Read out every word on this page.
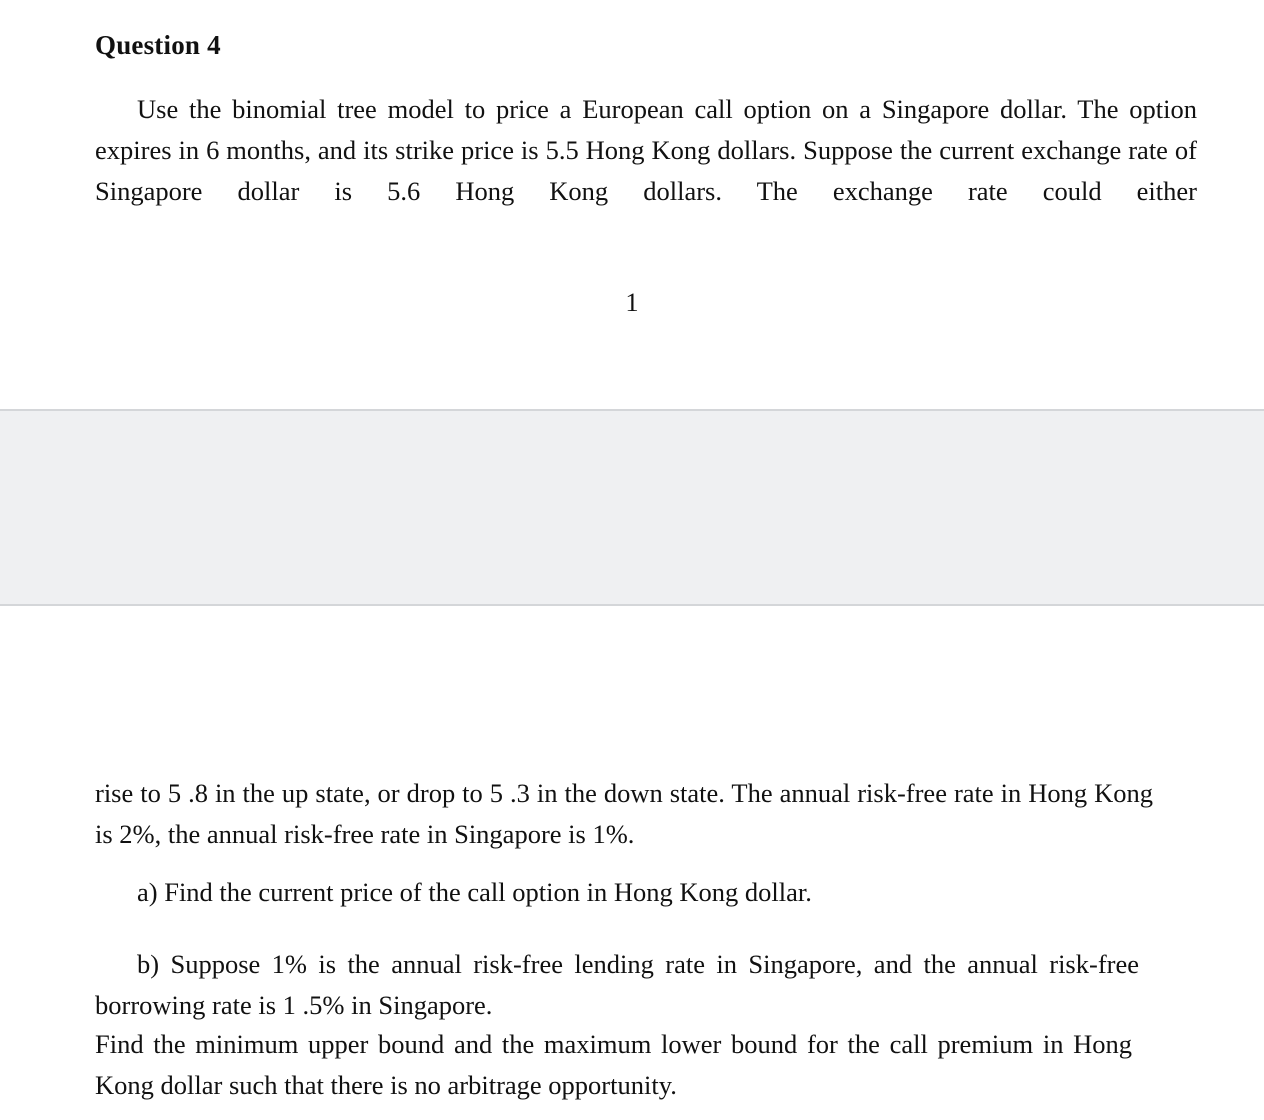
Question 4

Use the binomial tree model to price a European call option on a Singapore dollar. The option expires in 6 months, and its strike price is 5.5 Hong Kong dollars. Suppose the current exchange rate of Singapore dollar is 5.6 Hong Kong dollars. The exchange rate could either

1

rise to 5 .8 in the up state, or drop to 5 .3 in the down state. The annual risk-free rate in Hong Kong is 2%, the annual risk-free rate in Singapore is 1%.

a) Find the current price of the call option in Hong Kong dollar.

b) Suppose 1% is the annual risk-free lending rate in Singapore, and the annual risk-free borrowing rate is 1 .5% in Singapore.

Find the minimum upper bound and the maximum lower bound for the call premium in Hong Kong dollar such that there is no arbitrage opportunity.
